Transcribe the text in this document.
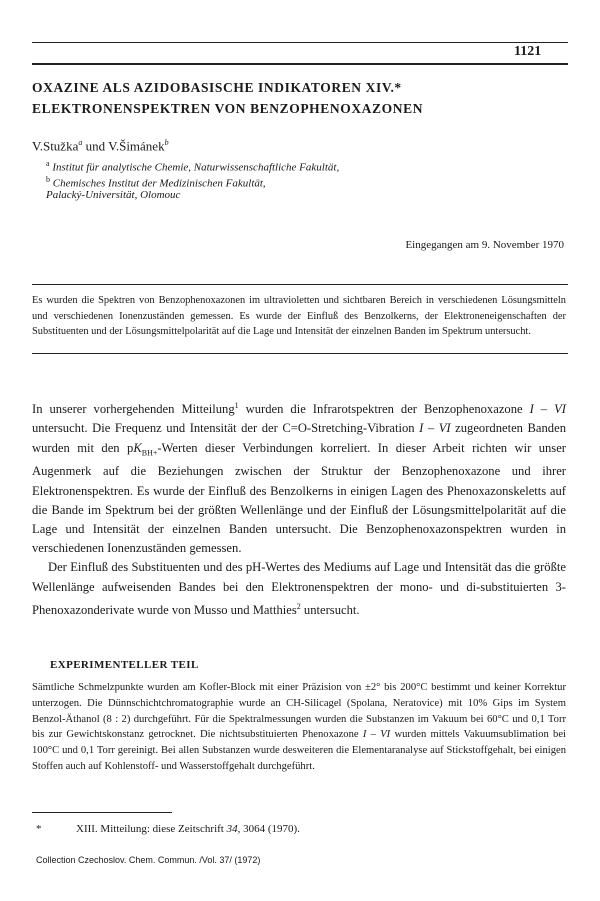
1121
OXAZINE ALS AZIDOBASISCHE INDIKATOREN XIV.*
ELEKTRONENSPEKTREN VON BENZOPHENOXAZONEN
V.Stužka$^a$ und V.Šimánek$^b$
$^a$ Institut für analytische Chemie, Naturwissenschaftliche Fakultät,
$^b$ Chemisches Institut der Medizinischen Fakultät,
Palacký-Universität, Olomouc
Eingegangen am 9. November 1970
Es wurden die Spektren von Benzophenoxazonen im ultravioletten und sichtbaren Bereich in verschiedenen Lösungsmitteln und verschiedenen Ionenzuständen gemessen. Es wurde der Einfluß des Benzolkerns, der Elektroneneigenschaften der Substituenten und der Lösungsmittelpolarität auf die Lage und Intensität der einzelnen Banden im Spektrum untersucht.

In unserer vorhergehenden Mitteilung$^1$ wurden die Infrarotspektren der Benzophenoxazone I – VI untersucht. Die Frequenz und Intensität der der C=O-Stretching-Vibration I – VI zugeordneten Banden wurden mit den $pK_{BH+}$-Werten dieser Verbindungen korreliert. In dieser Arbeit richten wir unser Augenmerk auf die Beziehungen zwischen der Struktur der Benzophenoxazone und ihrer Elektronenspektren. Es wurde der Einfluß des Benzolkerns in einigen Lagen des Phenoxazonskeletts auf die Bande im Spektrum bei der größten Wellenlänge und der Einfluß der Lösungsmittelpolarität auf die Lage und Intensität der einzelnen Banden untersucht. Die Benzophenoxazonspektren wurden in verschiedenen Ionenzuständen gemessen.

Der Einfluß des Substituenten und des pH-Wertes des Mediums auf Lage und Intensität das die größte Wellenlänge aufweisenden Bandes bei den Elektronenspektren der mono- und di-substituierten 3-Phenoxazonderivate wurde von Musso und Matthies$^2$ untersucht.

EXPERIMENTELLER TEIL
Sämtliche Schmelzpunkte wurden am Kofler-Block mit einer Präzision von ±2° bis 200°C bestimmt und keiner Korrektur unterzogen. Die Dünnschichtchromatographie wurde an CH-Silicagel (Spolana, Neratovice) mit 10% Gips im System Benzol-Äthanol (8 : 2) durchgeführt. Für die Spektralmessungen wurden die Substanzen im Vakuum bei 60°C und 0,1 Torr bis zur Gewichtskonstanz getrocknet. Die nichtsubstituierten Phenoxazone I – VI wurden mittels Vakuumsublimation bei 100°C und 0,1 Torr gereinigt. Bei allen Substanzen wurde desweiteren die Elementaranalyse auf Stickstoffgehalt, bei einigen Stoffen auch auf Kohlenstoff- und Wasserstoffgehalt durchgeführt.
*	XIII. Mitteilung: diese Zeitschrift 34, 3064 (1970).
Collection Czechoslov. Chem. Commun. /Vol. 37/ (1972)
